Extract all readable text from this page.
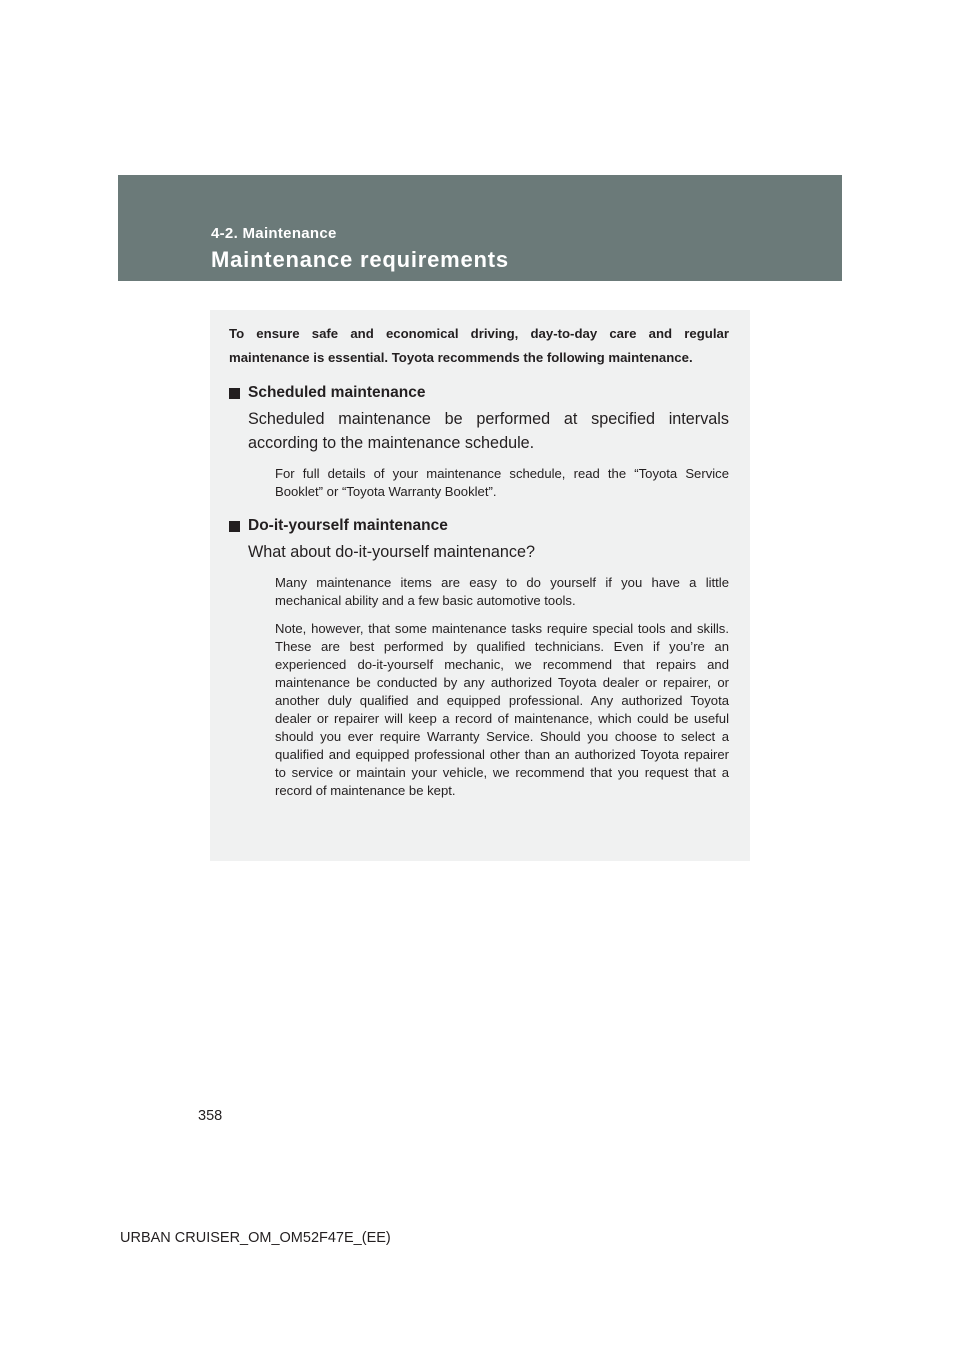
4-2. Maintenance

Maintenance requirements

To ensure safe and economical driving, day-to-day care and regular maintenance is essential. Toyota recommends the following maintenance.

Scheduled maintenance

Scheduled maintenance be performed at specified intervals according to the maintenance schedule.

For full details of your maintenance schedule, read the “Toyota Service Booklet” or “Toyota Warranty Booklet”.

Do-it-yourself maintenance

What about do-it-yourself maintenance?

Many maintenance items are easy to do yourself if you have a little mechanical ability and a few basic automotive tools.

Note, however, that some maintenance tasks require special tools and skills. These are best performed by qualified technicians. Even if you’re an experienced do-it-yourself mechanic, we recommend that repairs and maintenance be conducted by any authorized Toyota dealer or repairer, or another duly qualified and equipped professional. Any authorized Toyota dealer or repairer will keep a record of maintenance, which could be useful should you ever require Warranty Service. Should you choose to select a qualified and equipped professional other than an authorized Toyota repairer to service or maintain your vehicle, we recommend that you request that a record of maintenance be kept.

358

URBAN CRUISER_OM_OM52F47E_(EE)
